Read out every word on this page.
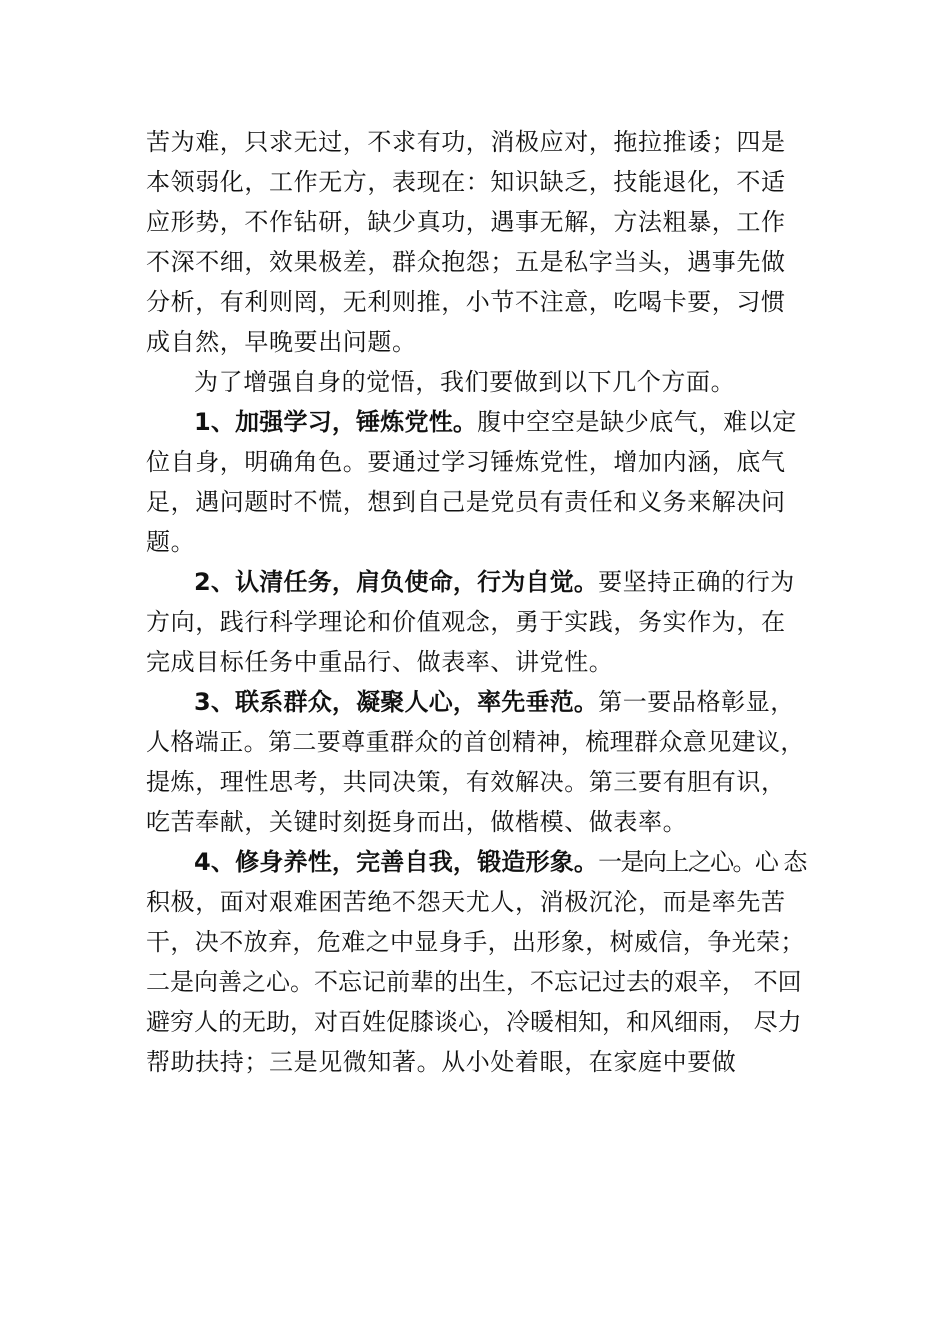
苦为难，只求无过，不求有功，消极应对，拖拉推诿；四是
本领弱化，工作无方，表现在：知识缺乏，技能退化，不适
应形势，不作钻研，缺少真功，遇事无解，方法粗暴，工作
不深不细，效果极差，群众抱怨；五是私字当头，遇事先做
分析，有利则罔，无利则推，小节不注意，吃喝卡要，习惯
成自然，早晚要出问题。
为了增强自身的觉悟，我们要做到以下几个方面。
1、加强学习，锤炼党性。腹中空空是缺少底气，难以定
位自身，明确角色。要通过学习锤炼党性，增加内涵，底气
足，遇问题时不慌，想到自己是党员有责任和义务来解决问
题。
2、认清任务，肩负使命，行为自觉。要坚持正确的行为
方向，践行科学理论和价值观念，勇于实践，务实作为，在
完成目标任务中重品行、做表率、讲党性。
3、联系群众，凝聚人心，率先垂范。第一要品格彰显，
人格端正。第二要尊重群众的首创精神，梳理群众意见建议，
提炼，理性思考，共同决策，有效解决。第三要有胆有识，
吃苦奉献，关键时刻挺身而出，做楷模、做表率。
4、修身养性，完善自我，锻造形象。一是向上之心。心 态
积极，面对艰难困苦绝不怨天尤人，消极沉沦，而是率先苦
干，决不放弃，危难之中显身手，出形象，树威信，争光荣；
二是向善之心。不忘记前辈的出生，不忘记过去的艰辛， 不回
避穷人的无助，对百姓促膝谈心，冷暖相知，和风细雨， 尽力
帮助扶持；三是见微知著。从小处着眼，在家庭中要做
